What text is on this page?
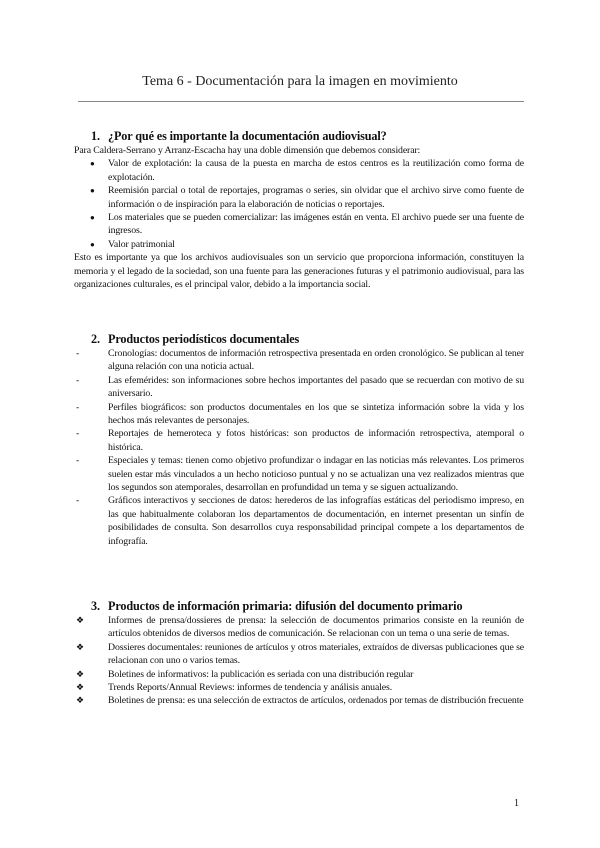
Tema 6 - Documentación para la imagen en movimiento
1. ¿Por qué es importante la documentación audiovisual?

Para Caldera-Serrano y Arranz-Escacha hay una doble dimensión que debemos considerar:

● Valor de explotación: la causa de la puesta en marcha de estos centros es la reutilización como forma de explotación.
● Reemisión parcial o total de reportajes, programas o series, sin olvidar que el archivo sirve como fuente de información o de inspiración para la elaboración de noticias o reportajes.
● Los materiales que se pueden comercializar: las imágenes están en venta. El archivo puede ser una fuente de ingresos.
● Valor patrimonial

Esto es importante ya que los archivos audiovisuales son un servicio que proporciona información, constituyen la memoria y el legado de la sociedad, son una fuente para las generaciones futuras y el patrimonio audiovisual, para las organizaciones culturales, es el principal valor, debido a la importancia social.

2. Productos periodísticos documentales
-	Cronologías: documentos de información retrospectiva presentada en orden cronológico. Se publican al tener alguna relación con una noticia actual.
-	Las efemérides: son informaciones sobre hechos importantes del pasado que se recuerdan con motivo de su aniversario.
-	Perfiles biográficos: son productos documentales en los que se sintetiza información sobre la vida y los hechos más relevantes de personajes.
-	Reportajes de hemeroteca y fotos históricas: son productos de información retrospectiva, atemporal o histórica.
-	Especiales y temas: tienen como objetivo profundizar o indagar en las noticias más relevantes. Los primeros suelen estar más vinculados a un hecho noticioso puntual y no se actualizan una vez realizados mientras que los segundos son atemporales, desarrollan en profundidad un tema y se siguen actualizando.
-	Gráficos interactivos y secciones de datos: herederos de las infografías estáticas del periodismo impreso, en las que habitualmente colaboran los departamentos de documentación, en internet presentan un sinfín de posibilidades de consulta. Son desarrollos cuya responsabilidad principal compete a los departamentos de infografía.
3. Productos de información primaria: difusión del documento primario
❖ Informes de prensa/dossieres de prensa: la selección de documentos primarios consiste en la reunión de artículos obtenidos de diversos medios de comunicación. Se relacionan con un tema o una serie de temas.
❖ Dossieres documentales: reuniones de artículos y otros materiales, extraídos de diversas publicaciones que se relacionan con uno o varios temas.
❖ Boletines de informativos: la publicación es seriada con una distribución regular
❖ Trends Reports/Annual Reviews: informes de tendencia y análisis anuales.
❖ Boletines de prensa: es una selección de extractos de artículos, ordenados por temas de distribución frecuente
1
